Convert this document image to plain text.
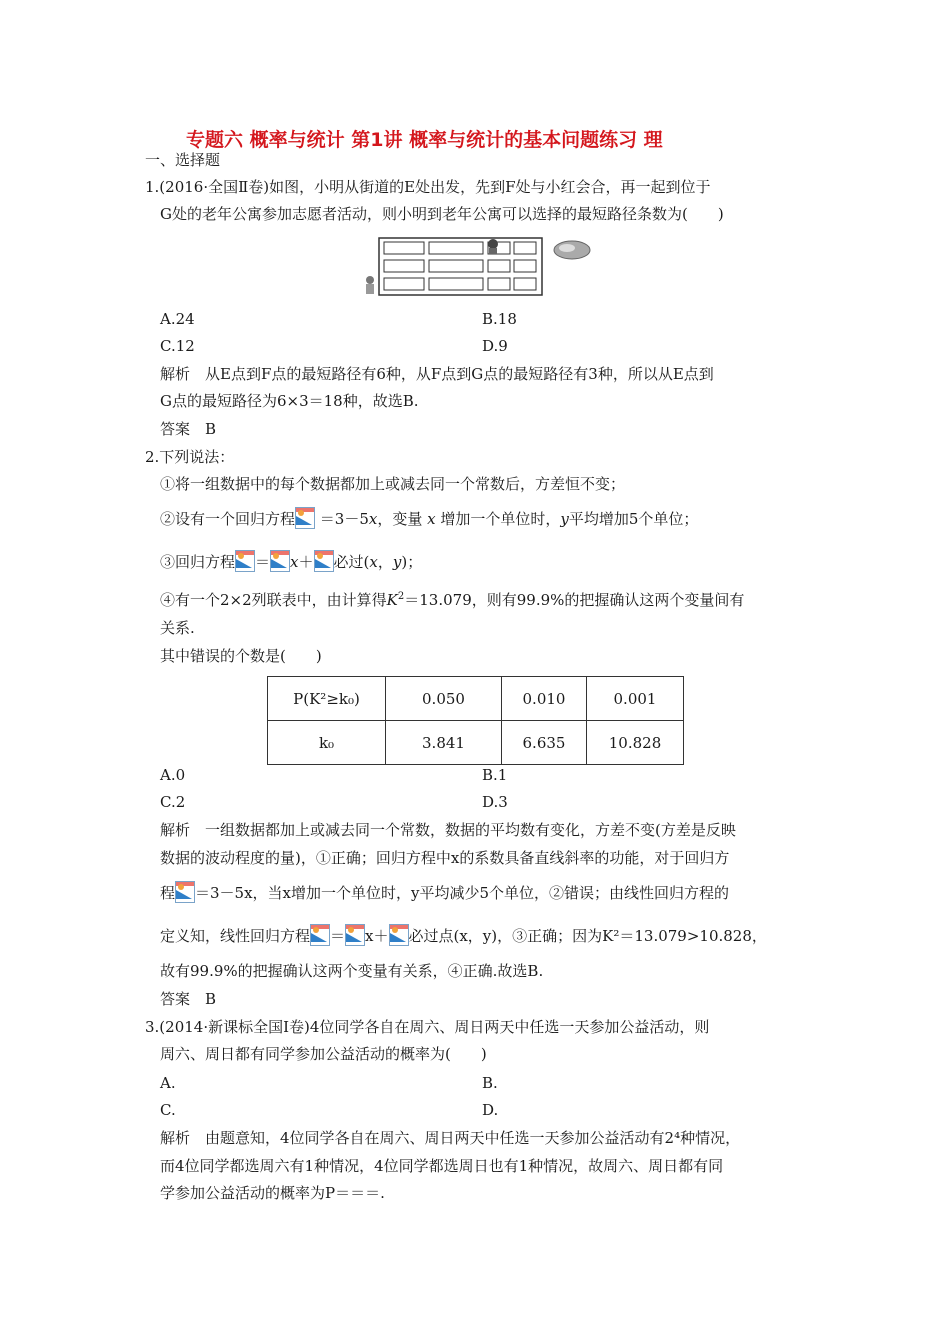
专题六 概率与统计 第1讲 概率与统计的基本问题练习 理
一、选择题
1.(2016·全国Ⅱ卷)如图，小明从街道的E处出发，先到F处与小红会合，再一起到位于
G处的老年公寓参加志愿者活动，则小明到老年公寓可以选择的最短路径条数为(　　)
A.24	B.18
C.12	D.9
解析　从E点到F点的最短路径有6种，从F点到G点的最短路径有3种，所以从E点到
G点的最短路径为6×3＝18种，故选B.
答案　B
2.下列说法：
①将一组数据中的每个数据都加上或减去同一个常数后，方差恒不变；
②设有一个回归方程 ＝3－5x，变量 x 增加一个单位时，y平均增加5个单位；
③回归方程 ＝ x＋ 必过(x，y)；
④有一个2×2列联表中，由计算得$K^2=13.079$，则有99.9%的把握确认这两个变量间有
关系.
其中错误的个数是(　　)
P(K²≥k₀)	0.050	0.010	0.001
k₀	3.841	6.635	10.828
A.0	B.1
C.2	D.3
解析　一组数据都加上或减去同一个常数，数据的平均数有变化，方差不变(方差是反映
数据的波动程度的量)，①正确；回归方程中x的系数具备直线斜率的功能，对于回归方
程 ＝3－5x，当x增加一个单位时，y平均减少5个单位，②错误；由线性回归方程的
定义知，线性回归方程 ＝ x＋ 必过点(x，y)，③正确；因为K²＝13.079>10.828，
故有99.9%的把握确认这两个变量有关系，④正确.故选B.
答案　B
3.(2014·新课标全国Ⅰ卷)4位同学各自在周六、周日两天中任选一天参加公益活动，则
周六、周日都有同学参加公益活动的概率为(　　)
A.	B.
C.	D.
解析　由题意知，4位同学各自在周六、周日两天中任选一天参加公益活动有2⁴种情况，
而4位同学都选周六有1种情况，4位同学都选周日也有1种情况，故周六、周日都有同
学参加公益活动的概率为P＝＝＝.
